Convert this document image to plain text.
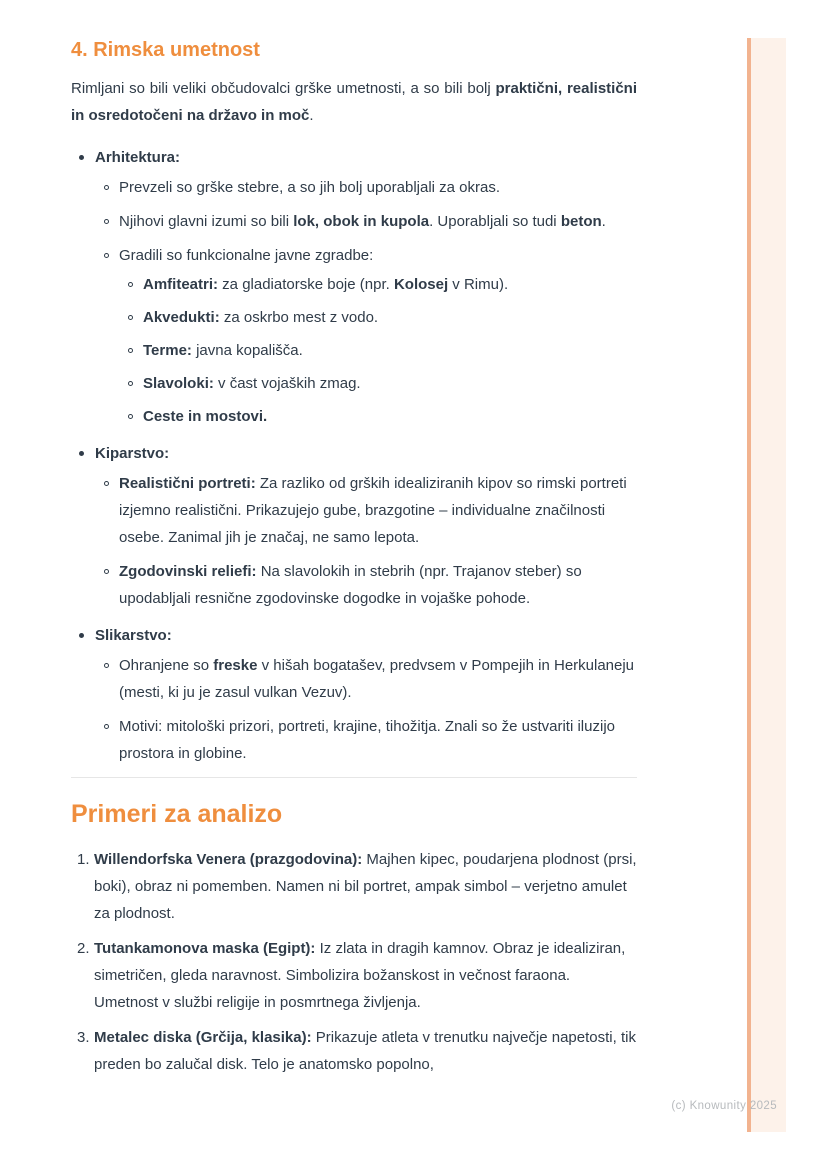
4. Rimska umetnost

Rimljani so bili veliki občudovalci grške umetnosti, a so bili bolj praktični, realistični in osredotočeni na državo in moč.

Arhitektura:
Prevzeli so grške stebre, a so jih bolj uporabljali za okras.
Njihovi glavni izumi so bili lok, obok in kupola. Uporabljali so tudi beton.
Gradili so funkcionalne javne zgradbe:
Amfiteatri: za gladiatorske boje (npr. Kolosej v Rimu).
Akvedukti: za oskrbo mest z vodo.
Terme: javna kopališča.
Slavoloki: v čast vojaških zmag.
Ceste in mostovi.
Kiparstvo:
Realistični portreti: Za razliko od grških idealiziranih kipov so rimski portreti izjemno realistični. Prikazujejo gube, brazgotine – individualne značilnosti osebe. Zanimal jih je značaj, ne samo lepota.
Zgodovinski reliefi: Na slavolokih in stebrih (npr. Trajanov steber) so upodabljali resnične zgodovinske dogodke in vojaške pohode.
Slikarstvo:
Ohranjene so freske v hišah bogatašev, predvsem v Pompejih in Herkulaneju (mesti, ki ju je zasul vulkan Vezuv).
Motivi: mitološki prizori, portreti, krajine, tihožitja. Znali so že ustvariti iluzijo prostora in globine.
Primeri za analizo
1. Willendorfska Venera (prazgodovina): Majhen kipec, poudarjena plodnost (prsi, boki), obraz ni pomemben. Namen ni bil portret, ampak simbol – verjetno amulet za plodnost.
2. Tutankamonova maska (Egipt): Iz zlata in dragih kamnov. Obraz je idealiziran, simetričen, gleda naravnost. Simbolizira božanskost in večnost faraona. Umetnost v službi religije in posmrtnega življenja.
3. Metalec diska (Grčija, klasika): Prikazuje atleta v trenutku največje napetosti, tik preden bo zalučal disk. Telo je anatomsko popolno,
(c) Knowunity 2025
